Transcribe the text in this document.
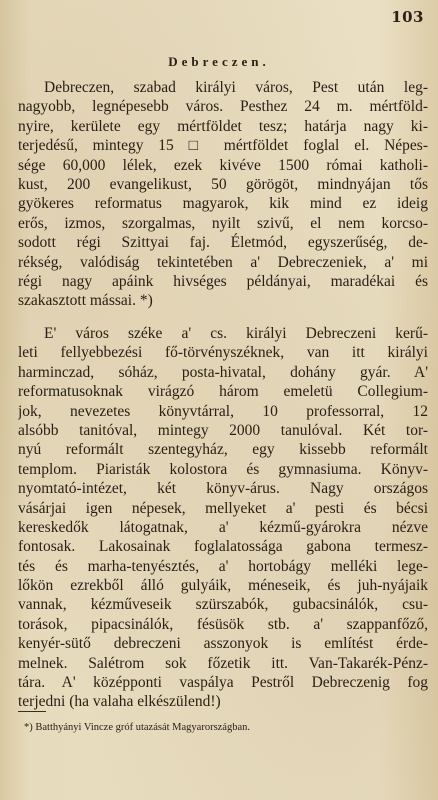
103
Debreczen.
Debreczen, szabad királyi város, Pest után leg-
nagyobb, legnépesebb város. Pesthez 24 m. mértföld-
nyire, kerülete egy mértföldet tesz; határja nagy ki-
terjedésű, mintegy 15 □ mértföldet foglal el. Népes-
sége 60,000 lélek, ezek kivéve 1500 római katholi-
kust, 200 evangelikust, 50 görögöt, mindnyájan tős
gyökeres reformatus magyarok, kik mind ez ideig
erős, izmos, szorgalmas, nyilt szivű, el nem korcso-
sodott régi Szittyai faj. Életmód, egyszerűség, de-
rékség, valódiság tekintetében a' Debreczeniek, a' mi
régi nagy apáink hivséges példányai, maradékai és
szakasztott mássai. *)
E' város széke a' cs. királyi Debreczeni kerű-
leti fellyebbezési fő-törvényszéknek, van itt királyi
harminczad, sóház, posta-hivatal, dohány gyár. A'
reformatusoknak virágzó három emeletü Collegium-
jok, nevezetes könyvtárral, 10 professorral, 12
alsóbb tanitóval, mintegy 2000 tanulóval. Két tor-
nyú reformált szentegyház, egy kissebb reformált
templom. Piaristák kolostora és gymnasiuma. Könyv-
nyomtató-intézet, két könyv-árus. Nagy országos
vásárjai igen népesek, mellyeket a' pesti és bécsi
kereskedők látogatnak, a' kézmű-gyárokra nézve
fontosak. Lakosainak foglalatossága gabona termesz-
tés és marha-tenyésztés, a' hortobágy melléki lege-
lőkön ezrekből álló gulyáik, méneseik, és juh-nyájaik
vannak, kézműveseik szürszabók, gubacsinálók, csu-
torások, pipacsinálók, fésüsök stb. a' szappanfőző,
kenyér-sütő debreczeni asszonyok is említést érde-
melnek. Salétrom sok főzetik itt. Van-Takarék-Pénz-
tára. A' középponti vaspálya Pestről Debreczenig fog
terjedni (ha valaha elkészülend!)
*) Batthyányi Vincze gróf utazását Magyarországban.
